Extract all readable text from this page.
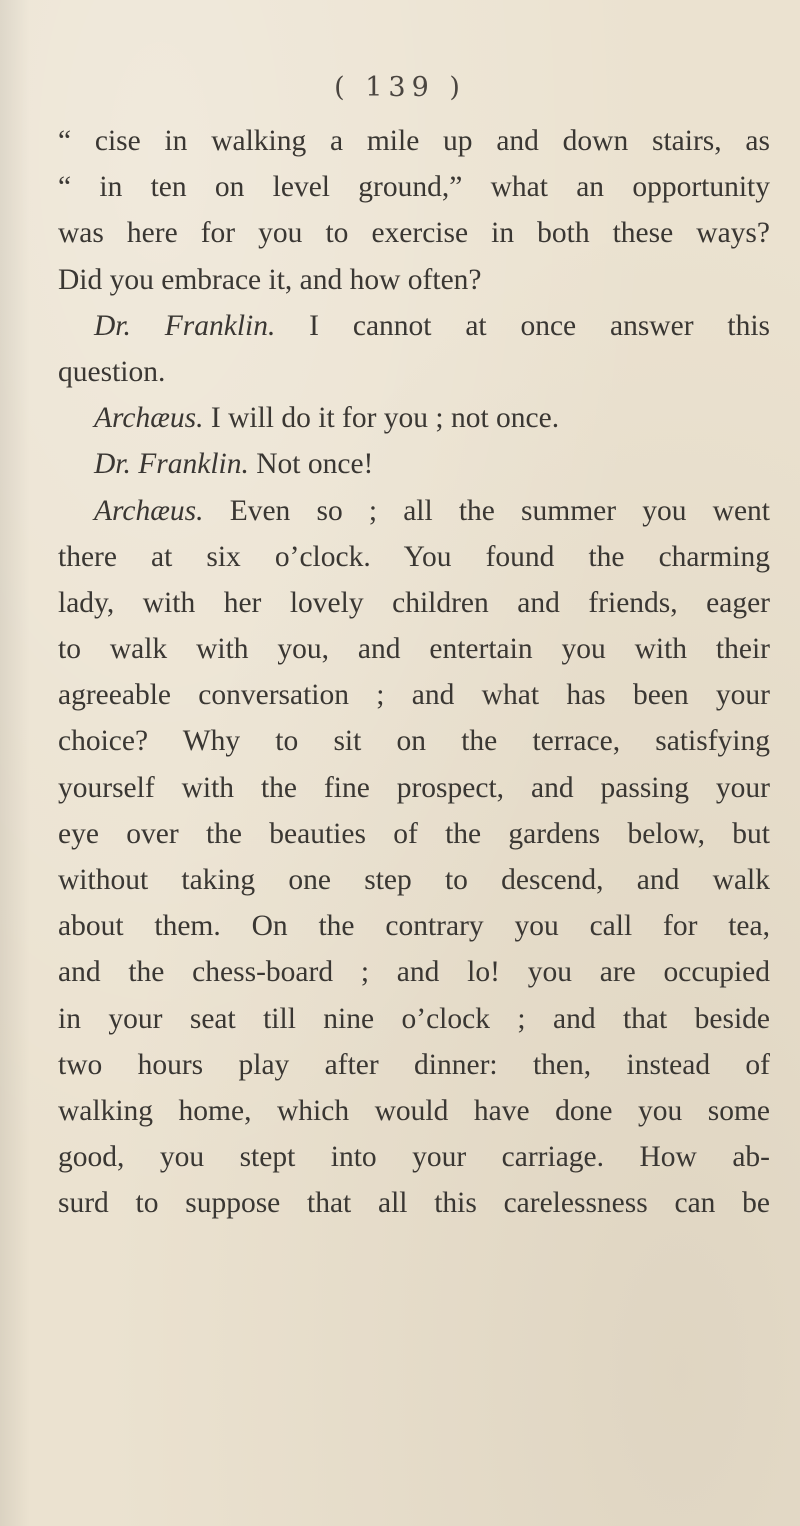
( 139 )
“ cise in walking a mile up and down stairs, as
“ in ten on level ground,” what an opportunity
was here for you to exercise in both these ways?
Did you embrace it, and how often?
Dr. Franklin. I cannot at once answer this
question.
Archæus. I will do it for you ; not once.
Dr. Franklin. Not once!
Archæus. Even so ; all the summer you went
there at six o’clock. You found the charming
lady, with her lovely children and friends, eager
to walk with you, and entertain you with their
agreeable conversation ; and what has been your
choice? Why to sit on the terrace, satisfying
yourself with the fine prospect, and passing your
eye over the beauties of the gardens below, but
without taking one step to descend, and walk
about them. On the contrary you call for tea,
and the chess-board ; and lo! you are occupied
in your seat till nine o’clock ; and that beside
two hours play after dinner: then, instead of
walking home, which would have done you some
good, you stept into your carriage. How ab-
surd to suppose that all this carelessness can be
